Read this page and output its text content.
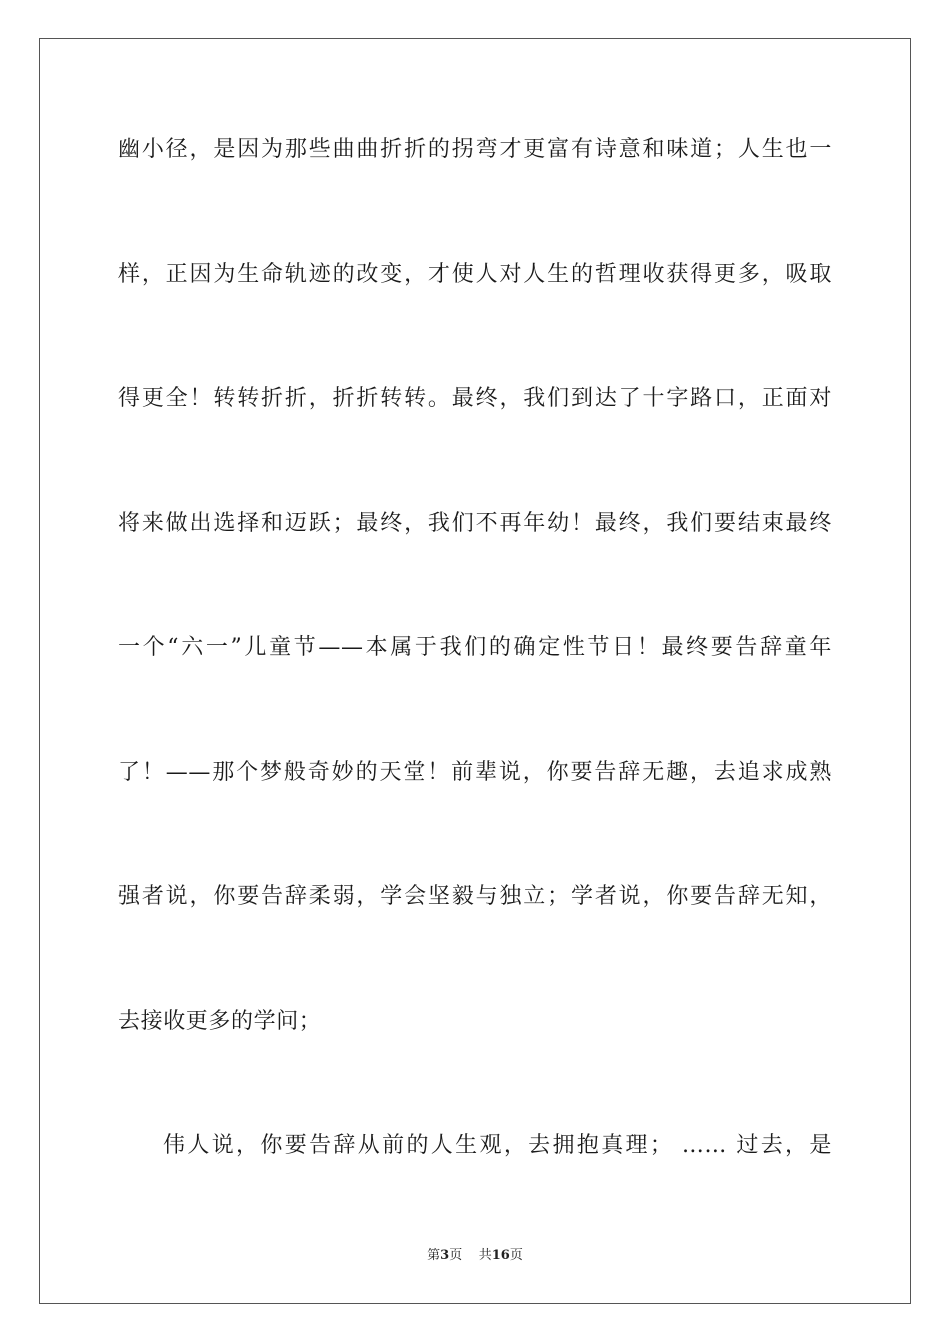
幽小径，是因为那些曲曲折折的拐弯才更富有诗意和味道；人生也一
样，正因为生命轨迹的改变，才使人对人生的哲理收获得更多，吸取
得更全！转转折折，折折转转。最终，我们到达了十字路口，正面对
将来做出选择和迈跃；最终，我们不再年幼！最终，我们要结束最终
一个“六一”儿童节——本属于我们的确定性节日！最终要告辞童年
了！——那个梦般奇妙的天堂！前辈说，你要告辞无趣，去追求成熟
强者说，你要告辞柔弱，学会坚毅与独立；学者说，你要告辞无知，
去接收更多的学问；
伟人说，你要告辞从前的人生观，去拥抱真理； …… 过去，是
第3页 共16页
